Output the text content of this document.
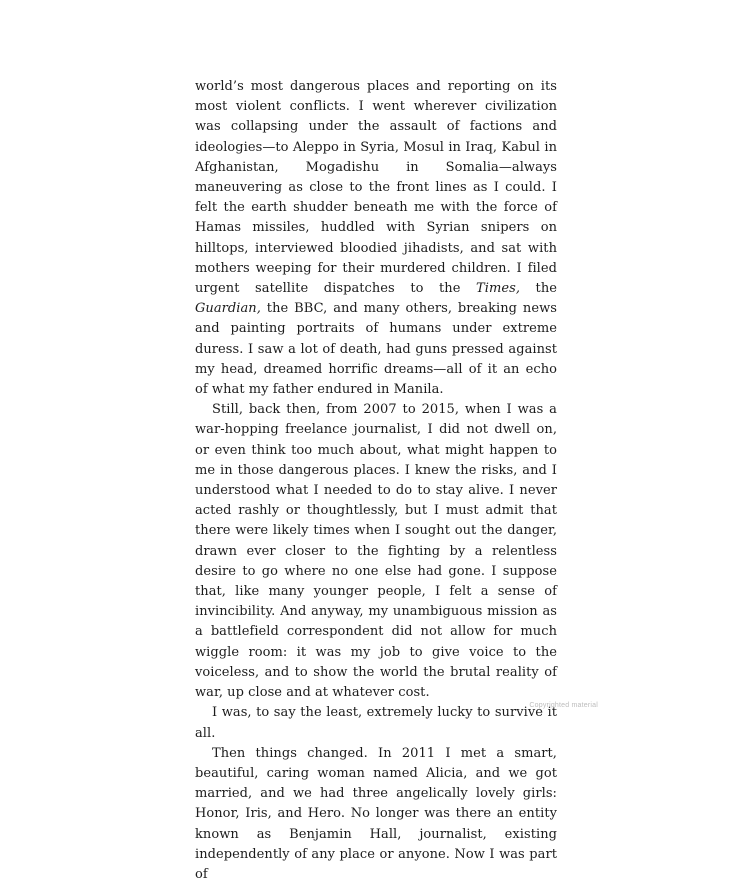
world’s most dangerous places and reporting on its most violent conflicts. I went wherever civilization was collapsing under the assault of factions and ideologies—to Aleppo in Syria, Mosul in Iraq, Kabul in Afghanistan, Mogadishu in Somalia—always maneuvering as close to the front lines as I could. I felt the earth shudder beneath me with the force of Hamas missiles, huddled with Syrian snipers on hilltops, interviewed bloodied jihadists, and sat with mothers weeping for their murdered children. I filed urgent satellite dispatches to the Times, the Guardian, the BBC, and many others, breaking news and painting portraits of humans under extreme duress. I saw a lot of death, had guns pressed against my head, dreamed horrific dreams—all of it an echo of what my father endured in Manila.

Still, back then, from 2007 to 2015, when I was a war-hopping freelance journalist, I did not dwell on, or even think too much about, what might happen to me in those dangerous places. I knew the risks, and I understood what I needed to do to stay alive. I never acted rashly or thoughtlessly, but I must admit that there were likely times when I sought out the danger, drawn ever closer to the fighting by a relentless desire to go where no one else had gone. I suppose that, like many younger people, I felt a sense of invincibility. And anyway, my unambiguous mission as a battlefield correspondent did not allow for much wiggle room: it was my job to give voice to the voiceless, and to show the world the brutal reality of war, up close and at whatever cost.

I was, to say the least, extremely lucky to survive it all.

Then things changed. In 2011 I met a smart, beautiful, caring woman named Alicia, and we got married, and we had three angelically lovely girls: Honor, Iris, and Hero. No longer was there an entity known as Benjamin Hall, journalist, existing independently of any place or anyone. Now I was part of

Copyrighted material
